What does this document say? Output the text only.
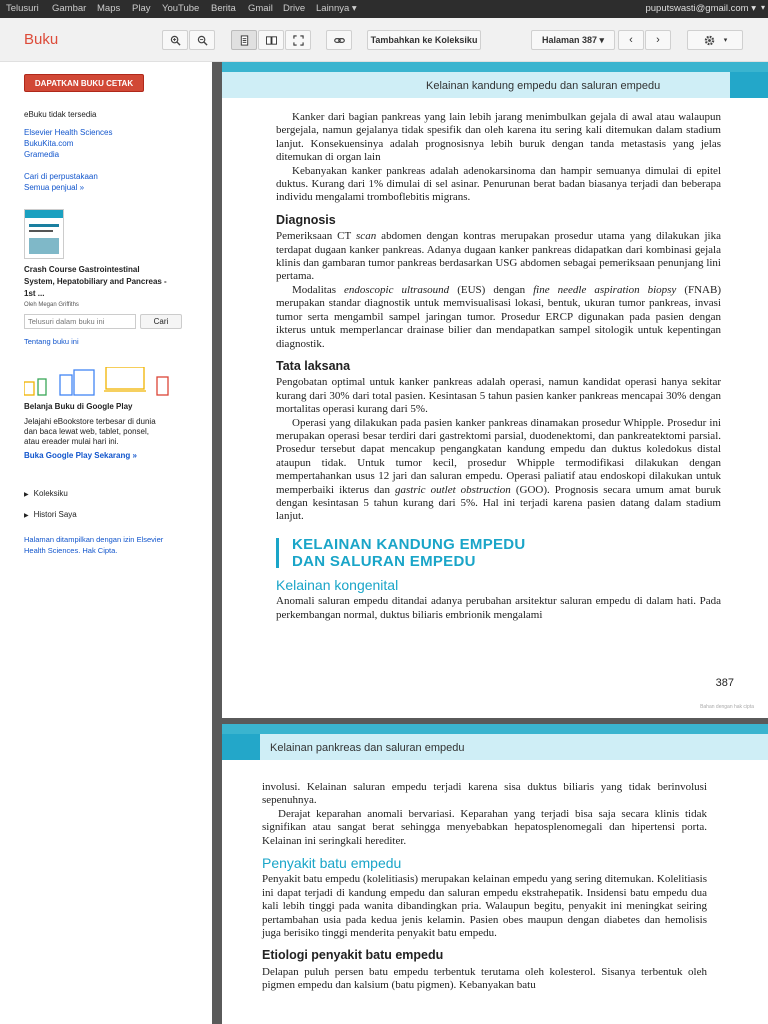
Telusuri Gambar Maps Play YouTube Berita Gmail Drive Lainnya ▾	puputswasti@gmail.com ▾ ▾
Buku	Tambahkan ke Koleksiku	Halaman 387 ▾	‹ ›	▾
DAPATKAN BUKU CETAK
eBuku tidak tersedia
Elsevier Health Sciences
BukuKita.com
Gramedia
Cari di perpustakaan
Semua penjual »
Crash Course Gastrointestinal
System, Hepatobiliary and Pancreas -
1st ...
Oleh Megan Griffiths
Telusuri dalam buku ini
Cari
Tentang buku ini
Belanja Buku di Google Play
Jelajahi eBookstore terbesar di dunia
dan baca lewat web, tablet, ponsel,
atau ereader mulai hari ini.
Buka Google Play Sekarang »
▶ Koleksiku
▶ Histori Saya
Halaman ditampilkan dengan izin Elsevier
Health Sciences. Hak Cipta.
Kelainan kandung empedu dan saluran empedu

Kanker dari bagian pankreas yang lain lebih jarang menimbulkan gejala di awal atau walaupun bergejala, namun gejalanya tidak spesifik dan oleh karena itu sering kali ditemukan dalam stadium lanjut. Konsekuensinya adalah prognosisnya lebih buruk dengan tanda metastasis yang jelas ditemukan di organ lain

Kebanyakan kanker pankreas adalah adenokarsinoma dan hampir semuanya dimulai di epitel duktus. Kurang dari 1% dimulai di sel asinar. Penurunan berat badan biasanya terjadi dan beberapa individu mengalami tromboflebitis migrans.

Diagnosis

Pemeriksaan CT scan abdomen dengan kontras merupakan prosedur utama yang dilakukan jika terdapat dugaan kanker pankreas. Adanya dugaan kanker pankreas didapatkan dari kombinasi gejala klinis dan gambaran tumor pankreas berdasarkan USG abdomen sebagai pemeriksaan penunjang lini pertama.

Modalitas endoscopic ultrasound (EUS) dengan fine needle aspiration biopsy (FNAB) merupakan standar diagnostik untuk memvisualisasi lokasi, bentuk, ukuran tumor pankreas, invasi tumor serta mengambil sampel jaringan tumor. Prosedur ERCP digunakan pada pasien dengan ikterus untuk memperlancar drainase bilier dan mendapatkan sampel sitologik untuk kepentingan diagnostik.

Tata laksana

Pengobatan optimal untuk kanker pankreas adalah operasi, namun kandidat operasi hanya sekitar kurang dari 30% dari total pasien. Kesintasan 5 tahun pasien kanker pankreas mencapai 30% dengan mortalitas operasi kurang dari 5%.

Operasi yang dilakukan pada pasien kanker pankreas dinamakan prosedur Whipple. Prosedur ini merupakan operasi besar terdiri dari gastrektomi parsial, duodenektomi, dan pankreatektomi parsial. Prosedur tersebut dapat mencakup pengangkatan kandung empedu dan duktus koledokus distal ataupun tidak. Untuk tumor kecil, prosedur Whipple termodifikasi dilakukan dengan mempertahankan usus 12 jari dan saluran empedu. Operasi paliatif atau endoskopi dilakukan untuk memperbaiki ikterus dan gastric outlet obstruction (GOO). Prognosis secara umum amat buruk dengan kesintasan 5 tahun kurang dari 5%. Hal ini terjadi karena pasien datang dalam stadium lanjut.

KELAINAN KANDUNG EMPEDU
DAN SALURAN EMPEDU
Kelainan kongenital

Anomali saluran empedu ditandai adanya perubahan arsitektur saluran empedu di dalam hati. Pada perkembangan normal, duktus biliaris embrionik mengalami

387
Bahan dengan hak cipta
Kelainan pankreas dan saluran empedu

involusi. Kelainan saluran empedu terjadi karena sisa duktus biliaris yang tidak berinvolusi sepenuhnya.

Derajat keparahan anomali bervariasi. Keparahan yang terjadi bisa saja secara klinis tidak signifikan atau sangat berat sehingga menyebabkan hepatosplenomegali dan hipertensi porta. Kelainan ini seringkali herediter.

Penyakit batu empedu

Penyakit batu empedu (kolelitiasis) merupakan kelainan empedu yang sering ditemukan. Kolelitiasis ini dapat terjadi di kandung empedu dan saluran empedu ekstrahepatik. Insidensi batu empedu dua kali lebih tinggi pada wanita dibandingkan pria. Walaupun begitu, penyakit ini meningkat seiring pertambahan usia pada kedua jenis kelamin. Pasien obes maupun dengan diabetes dan hemolisis juga berisiko tinggi menderita penyakit batu empedu.

Etiologi penyakit batu empedu

Delapan puluh persen batu empedu terbentuk terutama oleh kolesterol. Sisanya terbentuk oleh pigmen empedu dan kalsium (batu pigmen). Kebanyakan batu
